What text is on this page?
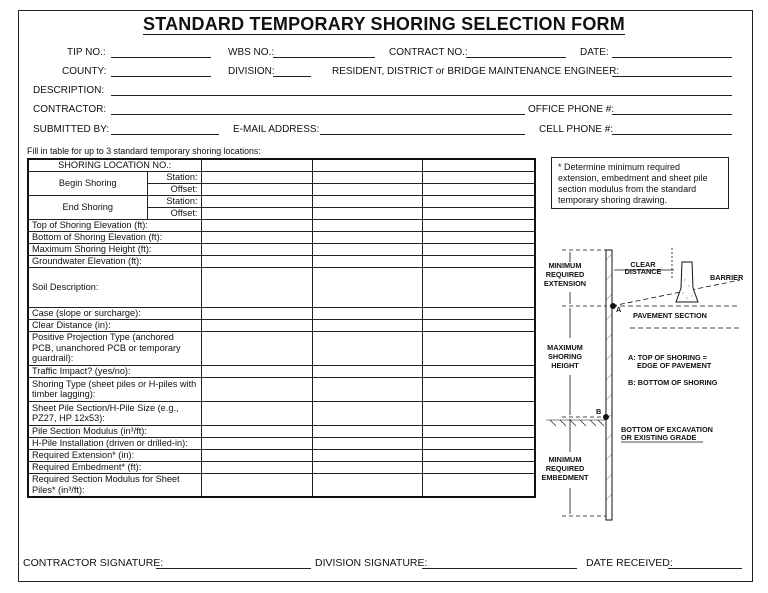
STANDARD TEMPORARY SHORING SELECTION FORM
TIP NO.:	WBS NO.:	CONTRACT NO.:	DATE:
COUNTY:	DIVISION:	RESIDENT, DISTRICT or BRIDGE MAINTENANCE ENGINEER:
DESCRIPTION:
CONTRACTOR:	OFFICE PHONE #:
SUBMITTED BY:	E-MAIL ADDRESS:	CELL PHONE #:
Fill in table for up to 3 standard temporary shoring locations:
SHORING LOCATION NO.:				
Begin Shoring	Station:			
	Offset:			
End Shoring	Station:			
	Offset:			
Top of Shoring Elevation (ft):				
Bottom of Shoring Elevation (ft):				
Maximum Shoring Height (ft):				
Groundwater Elevation (ft):				
Soil Description:				
Case (slope or surcharge):				
Clear Distance (in):				
Positive Projection Type (anchored PCB, unanchored PCB or temporary guardrail):				
Traffic Impact? (yes/no):				
Shoring Type (sheet piles or H-piles with timber lagging):				
Sheet Pile Section/H-Pile Size (e.g., PZ27, HP 12x53):				
Pile Section Modulus (in³/ft):				
H-Pile Installation (driven or drilled-in):				
Required Extension* (in):				
Required Embedment* (ft):				
Required Section Modulus for Sheet Piles* (in³/ft):				
* Determine minimum required extension, embedment and sheet pile section modulus from the standard temporary shoring drawing.
MINIMUM
REQUIRED
EXTENSION
CLEAR
DISTANCE
BARRIER
PAVEMENT SECTION
A
MAXIMUM
SHORING
HEIGHT
A: TOP OF SHORING =
EDGE OF PAVEMENT
B: BOTTOM OF SHORING
B
BOTTOM OF EXCAVATION
OR EXISTING GRADE
MINIMUM
REQUIRED
EMBEDMENT
CONTRACTOR SIGNATURE:	DIVISION SIGNATURE:	DATE RECEIVED:
